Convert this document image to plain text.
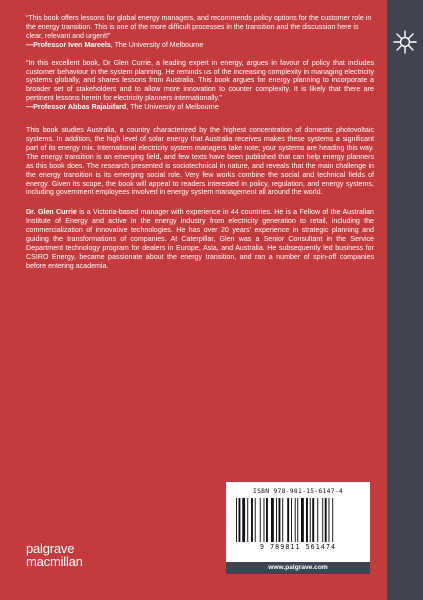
“This book offers lessons for global energy managers, and recommends policy options for the customer role in the energy transition. This is one of the more difficult processes in the transition and the discussion here is clear, relevant and urgent!”

—Professor Iven Mareels, The University of Melbourne

“In this excellent book, Dr Glen Currie, a leading expert in energy, argues in favour of policy that includes customer behaviour in the system planning. He reminds us of the increasing complexity in managing electricity systems globally, and shares lessons from Australia. This book argues for energy planning to incorporate a broader set of stakeholders and to allow more innovation to counter complexity. It is likely that there are pertinent lessons herein for electricity planners internationally.”

—Professor Abbas Rajabifard, The University of Melbourne

This book studies Australia, a country characterized by the highest concentration of domestic photovoltaic systems. In addition, the high level of solar energy that Australia receives makes these systems a significant part of its energy mix. International electricity system managers take note; your systems are heading this way. The energy transition is an emerging field, and few texts have been published that can help energy planners as this book does. The research presented is sociotechnical in nature, and reveals that the main challenge in the energy transition is its emerging social role. Very few works combine the social and technical fields of energy. Given its scope, the book will appeal to readers interested in policy, regulation, and energy systems, including government employees involved in energy system management all around the world.

Dr. Glen Currie is a Victoria-based manager with experience in 44 countries. He is a Fellow of the Australian Institute of Energy and active in the energy industry from electricity generation to retail, including the commercialization of innovative technologies. He has over 20 years’ experience in strategic planning and guiding the transformations of companies. At Caterpillar, Glen was a Senior Consultant in the Service Department technology program for dealers in Europe, Asia, and Australia. He subsequently led business for CSIRO Energy, became passionate about the energy transition, and ran a number of spin-off companies before entering academia.

palgrave
macmillan
ISBN 978-981-15-6147-4
9 789811 561474
www.palgrave.com
